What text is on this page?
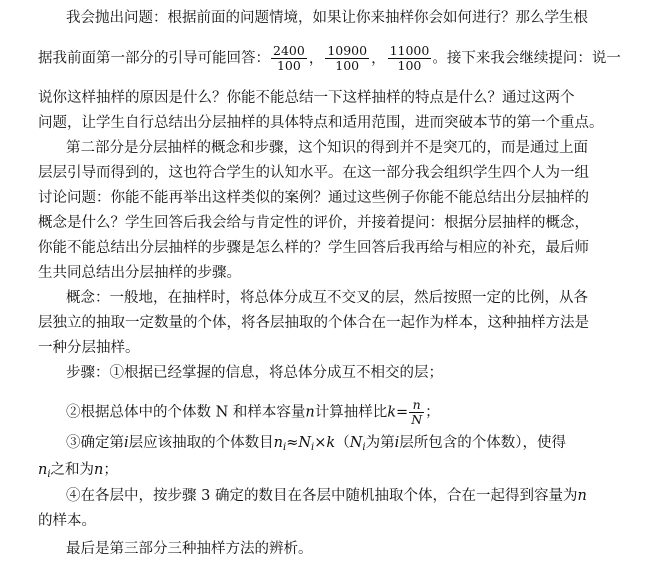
我会抛出问题：根据前面的问题情境，如果让你来抽样你会如何进行？那么学生根
据我前面第一部分的引导可能回答： $\frac{2400}{100}$ ， $\frac{10900}{100}$ ， $\frac{11000}{100}$ 。接下来我会继续提问：说一
说你这样抽样的原因是什么？你能不能总结一下这样抽样的特点是什么？通过这两个
问题，让学生自行总结出分层抽样的具体特点和适用范围，进而突破本节的第一个重点。
第二部分是分层抽样的概念和步骤，这个知识的得到并不是突兀的，而是通过上面
层层引导而得到的，这也符合学生的认知水平。在这一部分我会组织学生四个人为一组
讨论问题：你能不能再举出这样类似的案例？通过这些例子你能不能总结出分层抽样的
概念是什么？学生回答后我会给与肯定性的评价，并接着提问：根据分层抽样的概念，
你能不能总结出分层抽样的步骤是怎么样的？学生回答后我再给与相应的补充，最后师
生共同总结出分层抽样的步骤。
概念：一般地，在抽样时，将总体分成互不交叉的层，然后按照一定的比例，从各
层独立的抽取一定数量的个体，将各层抽取的个体合在一起作为样本，这种抽样方法是
一种分层抽样。
步骤：①根据已经掌握的信息，将总体分成互不相交的层；
②根据总体中的个体数 N 和样本容量n计算抽样比$k= \frac{n}{N}$ ；
③确定第i层应该抽取的个体数目$n_i\approx N_i\times k(N_i$为第i层所包含的个体数），使得
$n_i$之和为n；
④在各层中，按步骤 3 确定的数目在各层中随机抽取个体，合在一起得到容量为n
的样本。
最后是第三部分三种抽样方法的辨析。
